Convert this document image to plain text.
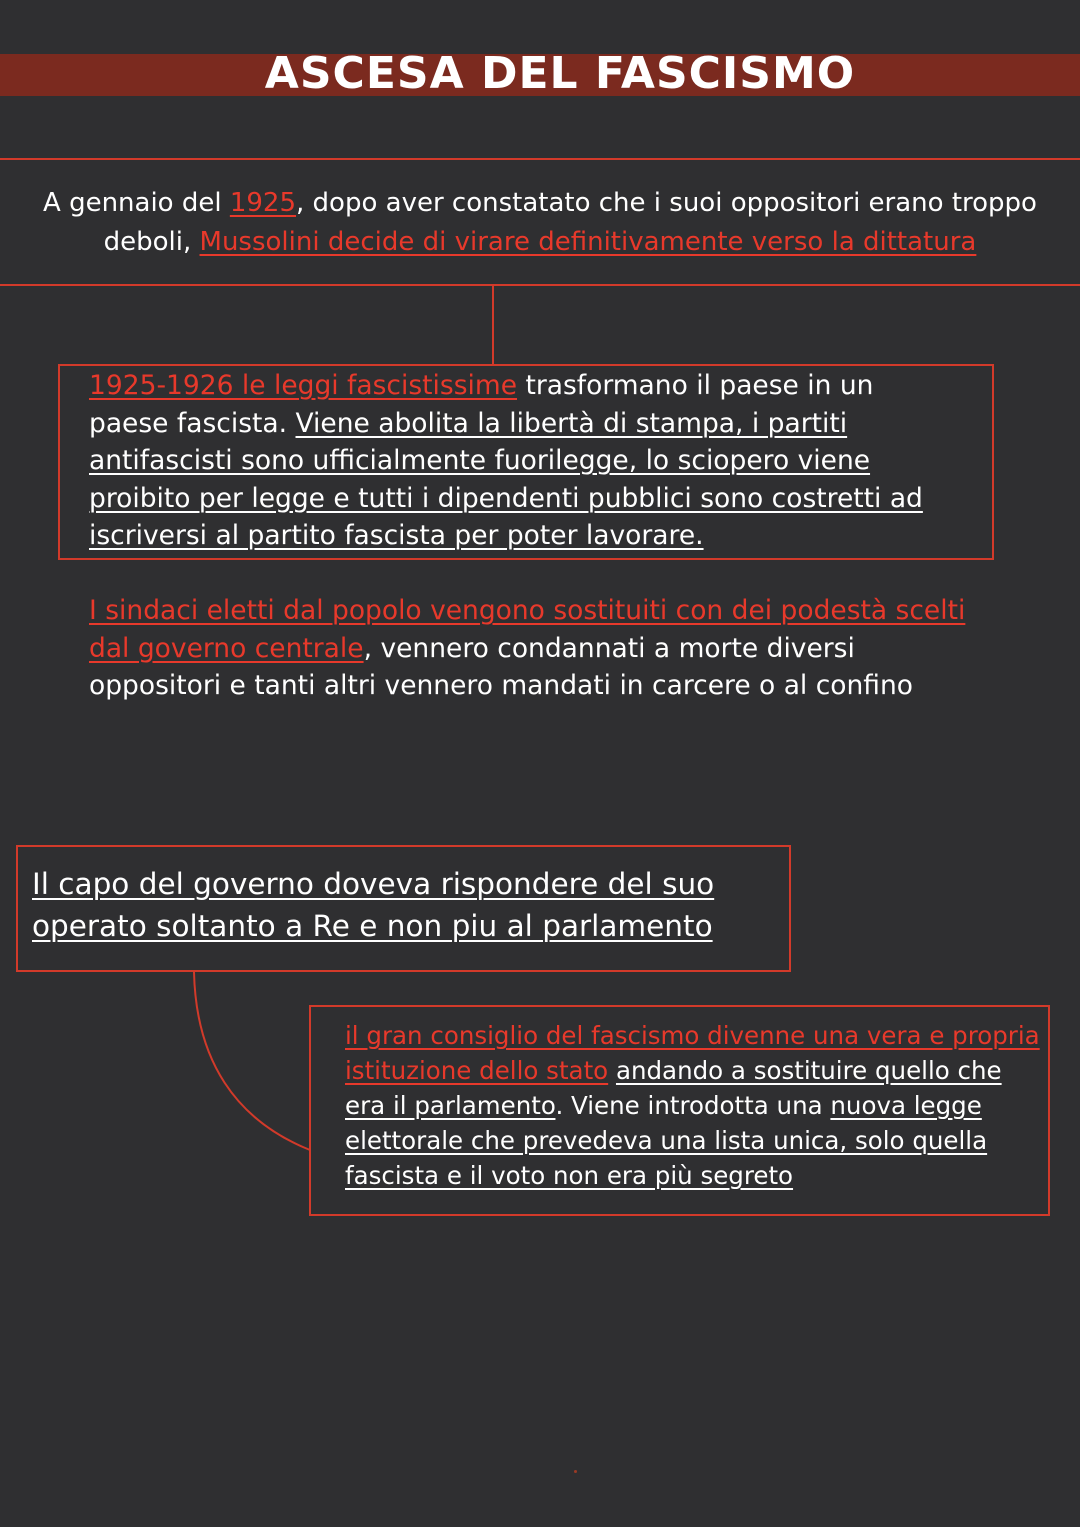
ASCESA DEL FASCISMO
A gennaio del 1925, dopo aver constatato che i suoi oppositori erano troppo deboli, Mussolini decide di virare definitivamente verso la dittatura
1925-1926 le leggi fascistissime trasformano il paese in un paese fascista. Viene abolita la libertà di stampa, i partiti antifascisti sono ufficialmente fuorilegge, lo sciopero viene proibito per legge e tutti i dipendenti pubblici sono costretti ad iscriversi al partito fascista per poter lavorare.
I sindaci eletti dal popolo vengono sostituiti con dei podestà scelti dal governo centrale, vennero condannati a morte diversi oppositori e tanti altri vennero mandati in carcere o al confino
Il capo del governo doveva rispondere del suo operato soltanto a Re e non piu al parlamento
il gran consiglio del fascismo divenne una vera e propria istituzione dello stato andando a sostituire quello che era il parlamento. Viene introdotta una nuova legge elettorale che prevedeva una lista unica, solo quella fascista e il voto non era più segreto
